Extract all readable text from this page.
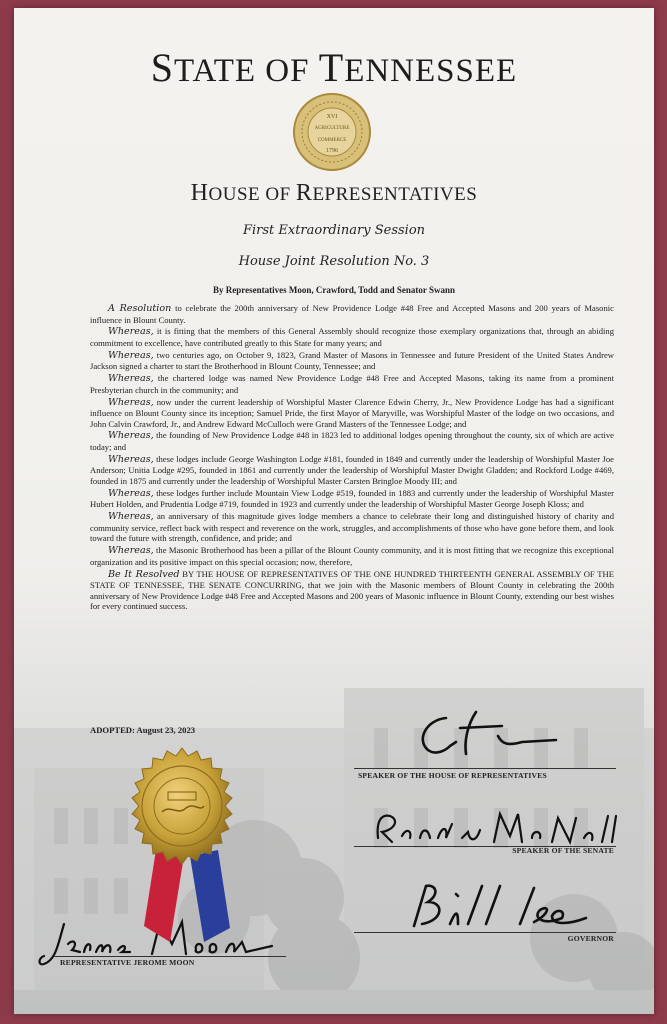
STATE OF TENNESSEE
XVI
AGRICULTURE
COMMERCE
1796
HOUSE OF REPRESENTATIVES
First Extraordinary Session
House Joint Resolution No. 3
By Representatives Moon, Crawford, Todd and Senator Swann

A Resolution to celebrate the 200th anniversary of New Providence Lodge #48 Free and Accepted Masons and 200 years of Masonic influence in Blount County.

Whereas, it is fitting that the members of this General Assembly should recognize those exemplary organizations that, through an abiding commitment to excellence, have contributed greatly to this State for many years; and

Whereas, two centuries ago, on October 9, 1823, Grand Master of Masons in Tennessee and future President of the United States Andrew Jackson signed a charter to start the Brotherhood in Blount County, Tennessee; and

Whereas, the chartered lodge was named New Providence Lodge #48 Free and Accepted Masons, taking its name from a prominent Presbyterian church in the community; and

Whereas, now under the current leadership of Worshipful Master Clarence Edwin Cherry, Jr., New Providence Lodge has had a significant influence on Blount County since its inception; Samuel Pride, the first Mayor of Maryville, was Worshipful Master of the lodge on two occasions, and John Calvin Crawford, Jr., and Andrew Edward McCulloch were Grand Masters of the Tennessee Lodge; and

Whereas, the founding of New Providence Lodge #48 in 1823 led to additional lodges opening throughout the county, six of which are active today; and

Whereas, these lodges include George Washington Lodge #181, founded in 1849 and currently under the leadership of Worshipful Master Joe Anderson; Unitia Lodge #295, founded in 1861 and currently under the leadership of Worshipful Master Dwight Gladden; and Rockford Lodge #469, founded in 1875 and currently under the leadership of Worshipful Master Carsten Bringloe Moody III; and

Whereas, these lodges further include Mountain View Lodge #519, founded in 1883 and currently under the leadership of Worshipful Master Hubert Holden, and Prudentia Lodge #719, founded in 1923 and currently under the leadership of Worshipful Master George Joseph Kloss; and

Whereas, an anniversary of this magnitude gives lodge members a chance to celebrate their long and distinguished history of charity and community service, reflect back with respect and reverence on the work, struggles, and accomplishments of those who have gone before them, and look toward the future with strength, confidence, and pride; and

Whereas, the Masonic Brotherhood has been a pillar of the Blount County community, and it is most fitting that we recognize this exceptional organization and its positive impact on this special occasion; now, therefore,

Be It Resolved BY THE HOUSE OF REPRESENTATIVES OF THE ONE HUNDRED THIRTEENTH GENERAL ASSEMBLY OF THE STATE OF TENNESSEE, THE SENATE CONCURRING, that we join with the Masonic members of Blount County in celebrating the 200th anniversary of New Providence Lodge #48 Free and Accepted Masons and 200 years of Masonic influence in Blount County, extending our best wishes for every continued success.

ADOPTED: August 23, 2023
SPEAKER OF THE HOUSE OF REPRESENTATIVES
SPEAKER OF THE SENATE
GOVERNOR
REPRESENTATIVE JEROME MOON
